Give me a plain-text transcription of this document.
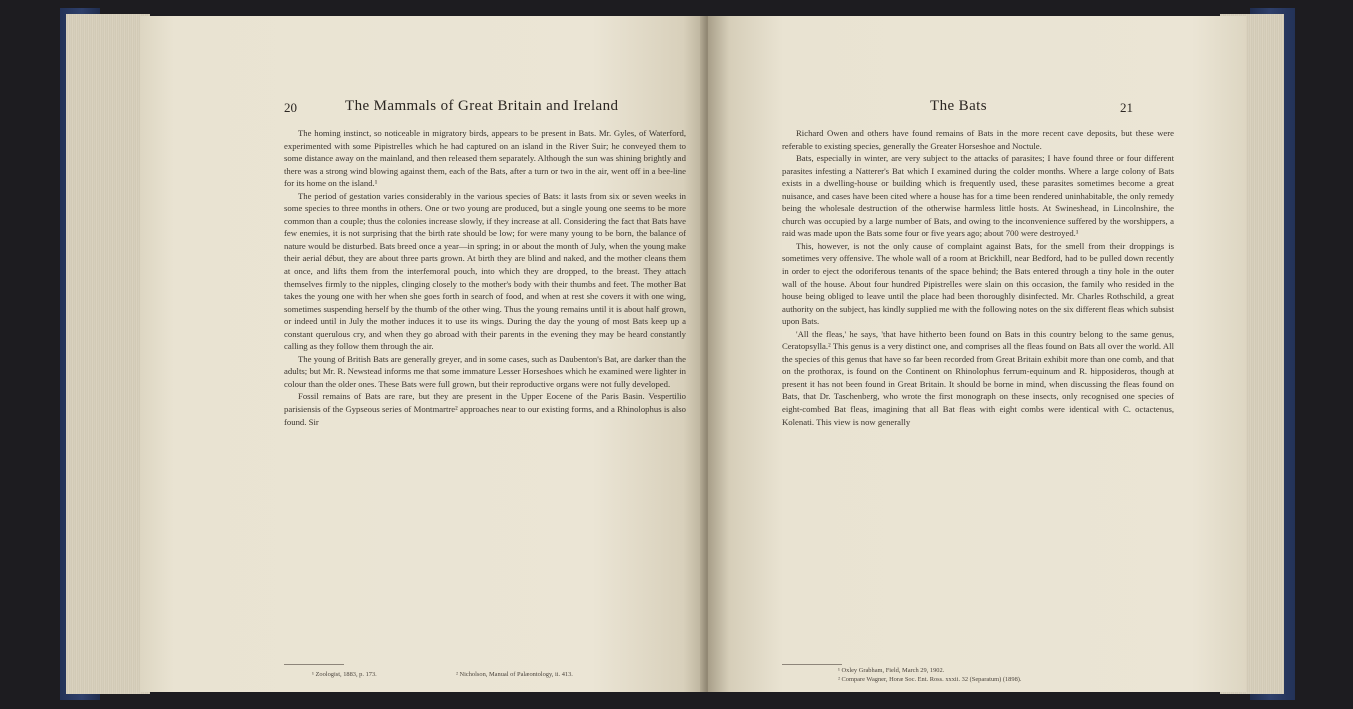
20	The Mammals of Great Britain and Ireland

The homing instinct, so noticeable in migratory birds, appears to be present in Bats. Mr. Gyles, of Waterford, experimented with some Pipistrelles which he had captured on an island in the River Suir; he conveyed them to some distance away on the mainland, and then released them separately. Although the sun was shining brightly and there was a strong wind blowing against them, each of the Bats, after a turn or two in the air, went off in a bee-line for its home on the island.¹

The period of gestation varies considerably in the various species of Bats: it lasts from six or seven weeks in some species to three months in others. One or two young are produced, but a single young one seems to be more common than a couple; thus the colonies increase slowly, if they increase at all. Considering the fact that Bats have few enemies, it is not surprising that the birth rate should be low; for were many young to be born, the balance of nature would be disturbed. Bats breed once a year—in spring; in or about the month of July, when the young make their aerial début, they are about three parts grown. At birth they are blind and naked, and the mother cleans them at once, and lifts them from the interfemoral pouch, into which they are dropped, to the breast. They attach themselves firmly to the nipples, clinging closely to the mother's body with their thumbs and feet. The mother Bat takes the young one with her when she goes forth in search of food, and when at rest she covers it with one wing, sometimes suspending herself by the thumb of the other wing. Thus the young remains until it is about half grown, or indeed until in July the mother induces it to use its wings. During the day the young of most Bats keep up a constant querulous cry, and when they go abroad with their parents in the evening they may be heard constantly calling as they follow them through the air.

The young of British Bats are generally greyer, and in some cases, such as Daubenton's Bat, are darker than the adults; but Mr. R. Newstead informs me that some immature Lesser Horseshoes which he examined were lighter in colour than the older ones. These Bats were full grown, but their reproductive organs were not fully developed.

Fossil remains of Bats are rare, but they are present in the Upper Eocene of the Paris Basin. Vespertilio parisiensis of the Gypseous series of Montmartre² approaches near to our existing forms, and a Rhinolophus is also found. Sir

¹ Zoologist, 1883, p. 173.	² Nicholson, Manual of Palæontology, ii. 413.
The Bats	21

Richard Owen and others have found remains of Bats in the more recent cave deposits, but these were referable to existing species, generally the Greater Horseshoe and Noctule.

Bats, especially in winter, are very subject to the attacks of parasites; I have found three or four different parasites infesting a Natterer's Bat which I examined during the colder months. Where a large colony of Bats exists in a dwelling-house or building which is frequently used, these parasites sometimes become a great nuisance, and cases have been cited where a house has for a time been rendered uninhabitable, the only remedy being the wholesale destruction of the otherwise harmless little hosts. At Swineshead, in Lincolnshire, the church was occupied by a large number of Bats, and owing to the inconvenience suffered by the worshippers, a raid was made upon the Bats some four or five years ago; about 700 were destroyed.¹

This, however, is not the only cause of complaint against Bats, for the smell from their droppings is sometimes very offensive. The whole wall of a room at Brickhill, near Bedford, had to be pulled down recently in order to eject the odoriferous tenants of the space behind; the Bats entered through a tiny hole in the outer wall of the house. About four hundred Pipistrelles were slain on this occasion, the family who resided in the house being obliged to leave until the place had been thoroughly disinfected. Mr. Charles Rothschild, a great authority on the subject, has kindly supplied me with the following notes on the six different fleas which subsist upon Bats.

'All the fleas,' he says, 'that have hitherto been found on Bats in this country belong to the same genus, Ceratopsylla.² This genus is a very distinct one, and comprises all the fleas found on Bats all over the world. All the species of this genus that have so far been recorded from Great Britain exhibit more than one comb, and that on the prothorax, is found on the Continent on Rhinolophus ferrum-equinum and R. hipposideros, though at present it has not been found in Great Britain. It should be borne in mind, when discussing the fleas found on Bats, that Dr. Taschenberg, who wrote the first monograph on these insects, only recognised one species of eight-combed Bat fleas, imagining that all Bat fleas with eight combs were identical with C. octactenus, Kolenati. This view is now generally

¹ Oxley Grabham, Field, March 29, 1902.
² Compare Wagner, Horæ Soc. Ent. Ross. xxxii. 32 (Separatum) (1898).
